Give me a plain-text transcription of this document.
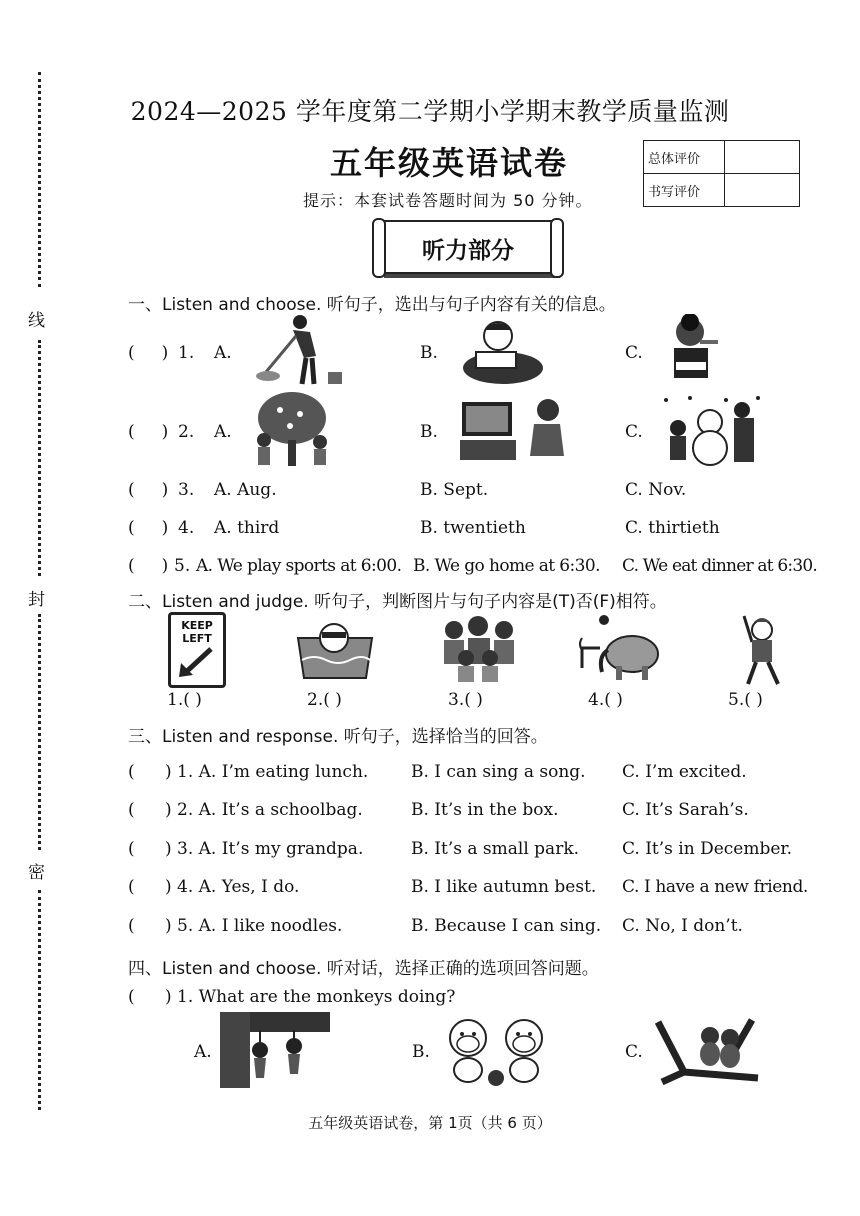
线
封
密
2024—2025 学年度第二学期小学期末教学质量监测
五年级英语试卷
提示：本套试卷答题时间为 50 分钟。
总体评价	
书写评价	
听力部分
一、Listen and choose. 听句子，选出与句子内容有关的信息。
(     ) 1. A.	B.	C.
(     ) 2. A.	B.	C.
(     ) 3. A. Aug.	B. Sept.	C. Nov.
(     ) 4. A. third	B. twentieth	C. thirtieth
(     ) 5. A. We play sports at 6:00. B. We go home at 6:30. C. We eat dinner at 6:30.
二、Listen and judge. 听句子，判断图片与句子内容是(T)否(F)相符。
KEEP
LEFT
1.( )	2.( )	3.( )	4.( )	5.( )
三、Listen and response. 听句子，选择恰当的回答。
( ) 1. A. I’m eating lunch.	B. I can sing a song. C. I’m excited.
( ) 2. A. It’s a schoolbag.	B. It’s in the box.	C. It’s Sarah’s.
( ) 3. A. It’s my grandpa.	B. It’s a small park.	C. It’s in December.
( ) 4. A. Yes, I do.	B. I like autumn best. C. I have a new friend.
( ) 5. A. I like noodles.	B. Because I can sing. C. No, I don’t.
四、Listen and choose. 听对话，选择正确的选项回答问题。
( ) 1. What are the monkeys doing?
A.	B.	C.
五年级英语试卷，第 1页（共 6 页）
